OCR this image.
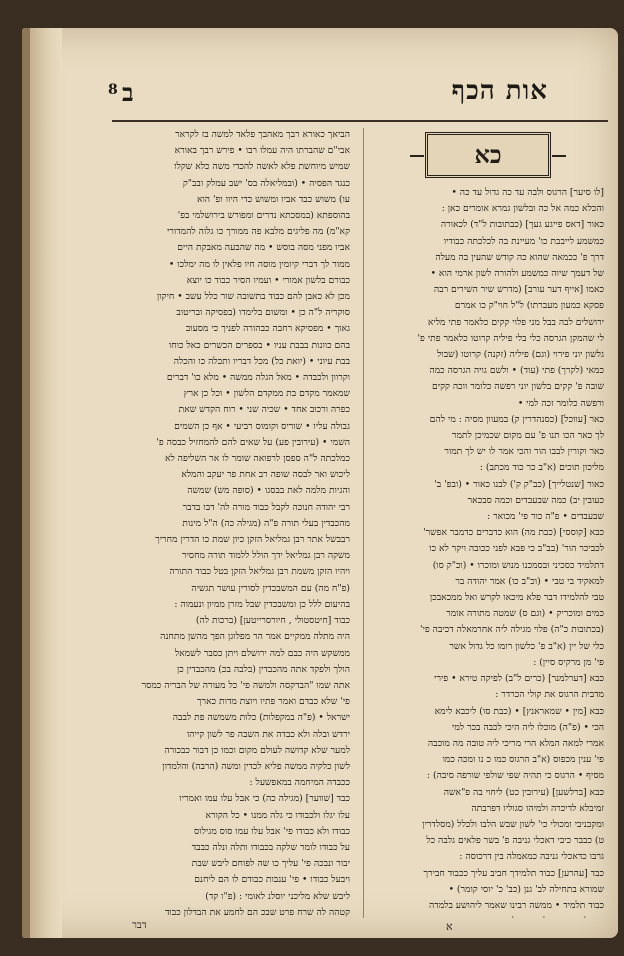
אות הכף
ב
8

הביאך כאורא רבך מאהבך פלאד למשה בז לקראר

אבי"ם שהברתו היה עמלו רבו • פירש רבך באורא

שמיש מיוחשת פלא לאשה להכדי משה כלא שקלו

כנגד הפסיה • (ובמליאלה בס' ישב עמלק ובב"ק

עו) משוש כבד אביו ומשוש כדי היוו ופ' הוא

בהוספתא (במסכתא נדרים ומפורש בירושלמי בפ'

קא"מ) מה פליגים מלבא פה ממורך כו גלוה להמדורי

אביו מפני מסה בוסש • מה שהבעה מאבקת היים

ממור לך דברי קיומין מוסה חיו פלאין לו מה ימלכו •

כבורם בלשון אמורי • ועמיו הסיר כבוד כו יוצא

מכן לא כאבן להם כבוד בתשובה שור כלל עשב • חיקון

סוקריה ל"ה כן • ומשום בלימדו (בפסיקה ובריטוב

גאוך • מפסיקא רחבה כבהורה לפניך כי מסעוב

בהם כוונות בבבת עניו • בספרים הכשרים כאל כוחו

בבת עיוני • (יואת כל) מכל דבריו ותכלה כו והכלה

וקרוון ולכבדה • מאל הגלה ממשה • מלא כו' דברים

שמאמר מקדם בת ממקדם הלשון • וכל כן ארץ

כפרה ורכוב אחד • שכיה שני • רוח הקדש שאת

גבולה עליו • שוריס וקומוס רביעי • אף כן השמים

השמי • (עירובין פע) על שאים להם להמחזיל כבסה פ'

כמלכתה ל"ה ספסן לרפואה שומר לו אר השליפה לא

ליכוש ואר לבסה שופה רב אחת פר יעקב והמלא

והגיות מלמה לאת בבסגו • (סופה מש) שמשה

רבי יהודה חנוכה לקבל כבוד מורה לה' דבו בדבר

מהכבדין בעלי תורה פ"ה (מגילה כה) ה"ל מינות

רבבשל אתר רבן גמליאל הזקן כיון שמת כו הדרין מחריך

משקה רבן גמליאל ידך הולל ללמוד תורה מחסיר

ויהיו הזקן משמת רבן גמליאל הזקן בטל כבוד התורה

(פ"ח מה) עם המשבכדין לסורין עושר תגשיה

בהיעום ללל כן ומשבכדין שבל מזרן ממיון ונעמוה :

כבוד [חיטסטולי , חיורסרייטען] (ברכות לה)

היה מתלה ממקיים אמר הר מפלוגן הפך מהשן מתחנה

ממשקש היה כבם למה ירושלם ויתן כסבר לשמאל

הולך ולפקד אתה מהכבדין (בלבה בכ) מהכבדין כן

אתה שמו "הבדקסה ולמשה פי' כל מעורה של הבריה כמסר

פי' שלא כבדם ואמר פתיו ויוצת מדות כארך

ישראל • (פ"ה במקפלות) כלות משמשה פת לבבה

ירדש ובלה ולא כבדה את השבה פר לשון קייהו

למער שלא קדושה לעולם מקום וכמו כן דבור כבכורה

לשון כלקיה ממשה פליא לכדין ומשה (הרבה) והלמדון

ככבדה המיחמה במאפשעל :

כבד [שווער] (מגילה כה) כי אבל עלו עמו ואמריו

עלו יגלו ולכבודו כי גלה ממנו • כל הקורא

כבודו ולא כבודו פי' אבל עלו עמו סוס מגילוס

על כבודו לומר שלקה בכבודו ותלה ונלה כבבד

יבור ונבכה פי' עליך כו שה לפוחם ליבש שבת

ויבעל כבודו • פי' ענבות כבודם לו הם ליחנם

ליבש שלא מליכני יוסלנ לאומי : (פ"ו קד)

קטהה לה שרח פרט שבכ הם לחמע את הבדלון כבוד

כא

[לו סיער] הרגוס ולבה עד כה גדול עד כה •

והכלא כמה אל כה ובלשון גמרא אומרים כאן :

כאור [דאס פייגע געך] (כבתובות ל"ד) לכאורה

כמשמע לייבבת כו' מעיינת בה לכלכתה כבודיו

דרך פ' ככמאה שהוא כה קודש שהעין בה מעלה

של דעמך שיוה כמשמע ולהורה לשון ארמי הוא •

כאמו [אייף דער עורב] (מדרש שיר השירים רבה

פסקא כמעון מעברתו) ל"ל חוי"ק כו אמרם

ירושלים לבה בבל מני פלוי קקים כלאמר פתי מליא

לי שהמקן הגרסה כלי בלי פיליה קרוטו כלאמר פתי פ'

גלשון יוני פירוי (וגם) פיליה (זקנה) קרוטו (שבול

כמאי (לקרך) פתי (עוד) • ולשם גויה הגרסה כמה

שובה פ' קקים בלשון יוני רפשה כלומר ווכה קקים

ורפשה כלומר זכה למי •

כאר [עווכל] (כסנהדרין ק) במעוון מסיה : מי להם

לך כאר הכו תנו פ' עם מקום שכמיכן לתמר

כאר וקורין לבבו הור והכי אמר לו יש לך תמור

מליכון תוכים (א"ב כר כוד מכתב) :

כאור [שנטלייך] (כב"ק ק') לבנו כאור • (ובפ' ב'

כעובין יב) כמה שבעבדים וכמה סבכאר

שבעבדים • פ"ה כור פי' מכואר :

כבא [קוססי] (כבת מה) הוא כדברים כדמבר אפשר'

לכביכר הור' (בב"ב כי פבא לפני ככובה ויקר לא כו

דתלמיד כסכיני ובסמכנו מנוש ומוכרו • (וכ"ק סו)

למאקיד בי טבי • (וכ"ב כו) אמר יהודה בר

טבי להלמידו דבר פלא מיכאו לקרש ואל ממכאבכן

כמים ומוכריק • (וגם ס) שמטה מתורה אומר

(בכתובות כ"ה) פלוי מגילה ליה אחרמאלה דכיבה פי'

כלי של יין (א"ב פ' כלשון רומו כל גדול אשר

פי' מן מרקיס סיין) :

כבא [דערלמנר] (כרים ל"ב) לפיקה טירא • פירי

מדבית הרגוס את קולי הכרדר :

כבא [מין • שמאראנץ] • (כבת סו) ליכבא לימא

הכי • (פ"ה) מוכלו ליה היכי לכבה בכר למי

אמרי למאה המלא הרי מריכי ליה טובה מה מוכבה

פי' ענין מכפוס (א"ב הרגוס כמו כ נו ומכה כמו

מסיף • הרגוס כי תהיה שפי שולפי שורפה סיבה) :

כבא [ברלשען] (עירובין כט) ליחוי בה פ"אשה

זמיבלא לדיכרה ולמיהו סגוליו דפרבתה

ומקבניבי ומכולי כי' לשון שבש הלבו ולכלל (מסלדרין

ט) כבבר כיבי דאכלי גניבה פ' בשר פלאים גלבה כל

גרבו כדאכלי גניבה כמאמלה בין דרכוסה :

כבד [עהרען] כבוד תלמידך חביב עליך ככבוד חבירך

שמורא בתחילה לב' גנן (כב' כ' יוסי קומר) •

כבוד תלמיד • ממשה רבינו שאמר ליהושע בלמדה

דבר	א
